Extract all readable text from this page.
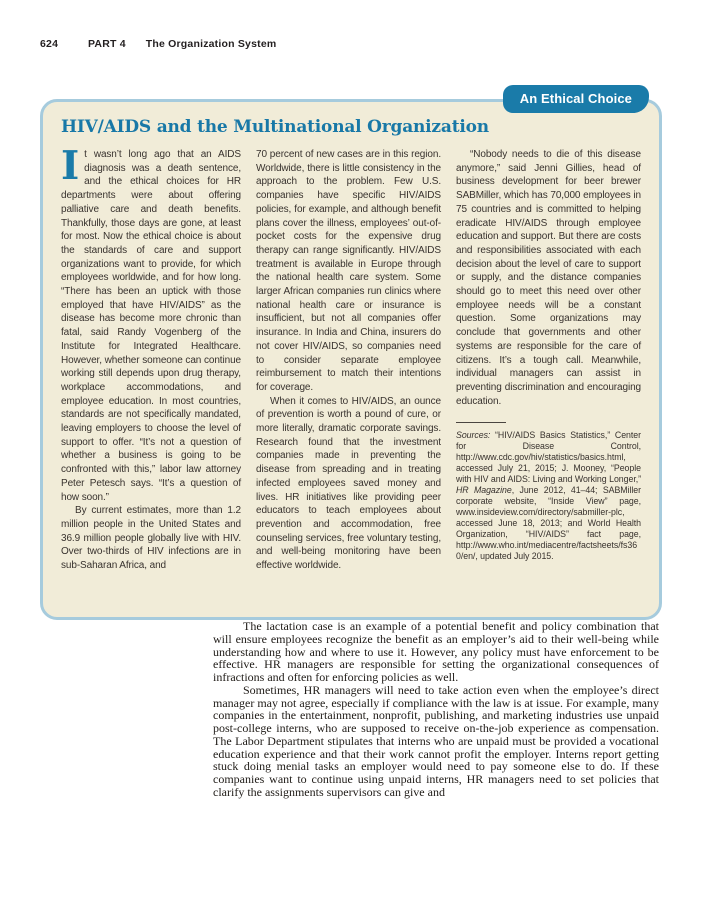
624	PART 4 The Organization System
An Ethical Choice
HIV/AIDS and the Multinational Organization

It wasn’t long ago that an AIDS diagnosis was a death sentence, and the ethical choices for HR departments were about offering palliative care and death benefits. Thankfully, those days are gone, at least for most. Now the ethical choice is about the standards of care and support organizations want to provide, for which employees worldwide, and for how long. “There has been an uptick with those employed that have HIV/AIDS” as the disease has become more chronic than fatal, said Randy Vogenberg of the Institute for Integrated Healthcare. However, whether someone can continue working still depends upon drug therapy, workplace accommodations, and employee education. In most countries, standards are not specifically mandated, leaving employers to choose the level of support to offer. “It’s not a question of whether a business is going to be confronted with this,” labor law attorney Peter Petesch says. “It’s a question of how soon.”

By current estimates, more than 1.2 million people in the United States and 36.9 million people globally live with HIV. Over two-thirds of HIV infections are in sub-Saharan Africa, and

70 percent of new cases are in this region. Worldwide, there is little consistency in the approach to the problem. Few U.S. companies have specific HIV/AIDS policies, for example, and although benefit plans cover the illness, employees’ out-of-pocket costs for the expensive drug therapy can range significantly. HIV/AIDS treatment is available in Europe through the national health care system. Some larger African companies run clinics where national health care or insurance is insufficient, but not all companies offer insurance. In India and China, insurers do not cover HIV/AIDS, so companies need to consider separate employee reimbursement to match their intentions for coverage.

When it comes to HIV/AIDS, an ounce of prevention is worth a pound of cure, or more literally, dramatic corporate savings. Research found that the investment companies made in preventing the disease from spreading and in treating infected employees saved money and lives. HR initiatives like providing peer educators to teach employees about prevention and accommodation, free counseling services, free voluntary testing, and well-being monitoring have been effective worldwide.

“Nobody needs to die of this disease anymore,” said Jenni Gillies, head of business development for beer brewer SABMiller, which has 70,000 employees in 75 countries and is committed to helping eradicate HIV/AIDS through employee education and support. But there are costs and responsibilities associated with each decision about the level of care to support or supply, and the distance companies should go to meet this need over other employee needs will be a constant question. Some organizations may conclude that governments and other systems are responsible for the care of citizens. It’s a tough call. Meanwhile, individual managers can assist in preventing discrimination and encouraging education.

Sources: “HIV/AIDS Basics Statistics,” Center for Disease Control, http://www.cdc.gov/hiv/statistics/basics.html, accessed July 21, 2015; J. Mooney, “People with HIV and AIDS: Living and Working Longer,” HR Magazine, June 2012, 41–44; SABMiller corporate website, “Inside View” page, www.insideview.com/directory/sabmiller-plc, accessed June 18, 2013; and World Health Organization, “HIV/AIDS” fact page, http://www.who.int/mediacentre/factsheets/fs360/en/, updated July 2015.

The lactation case is an example of a potential benefit and policy combination that will ensure employees recognize the benefit as an employer’s aid to their well-being while understanding how and where to use it. However, any policy must have enforcement to be effective. HR managers are responsible for setting the organizational consequences of infractions and often for enforcing policies as well.

Sometimes, HR managers will need to take action even when the employee’s direct manager may not agree, especially if compliance with the law is at issue. For example, many companies in the entertainment, nonprofit, publishing, and marketing industries use unpaid post-college interns, who are supposed to receive on-the-job experience as compensation. The Labor Department stipulates that interns who are unpaid must be provided a vocational education experience and that their work cannot profit the employer. Interns report getting stuck doing menial tasks an employer would need to pay someone else to do. If these companies want to continue using unpaid interns, HR managers need to set policies that clarify the assignments supervisors can give and
